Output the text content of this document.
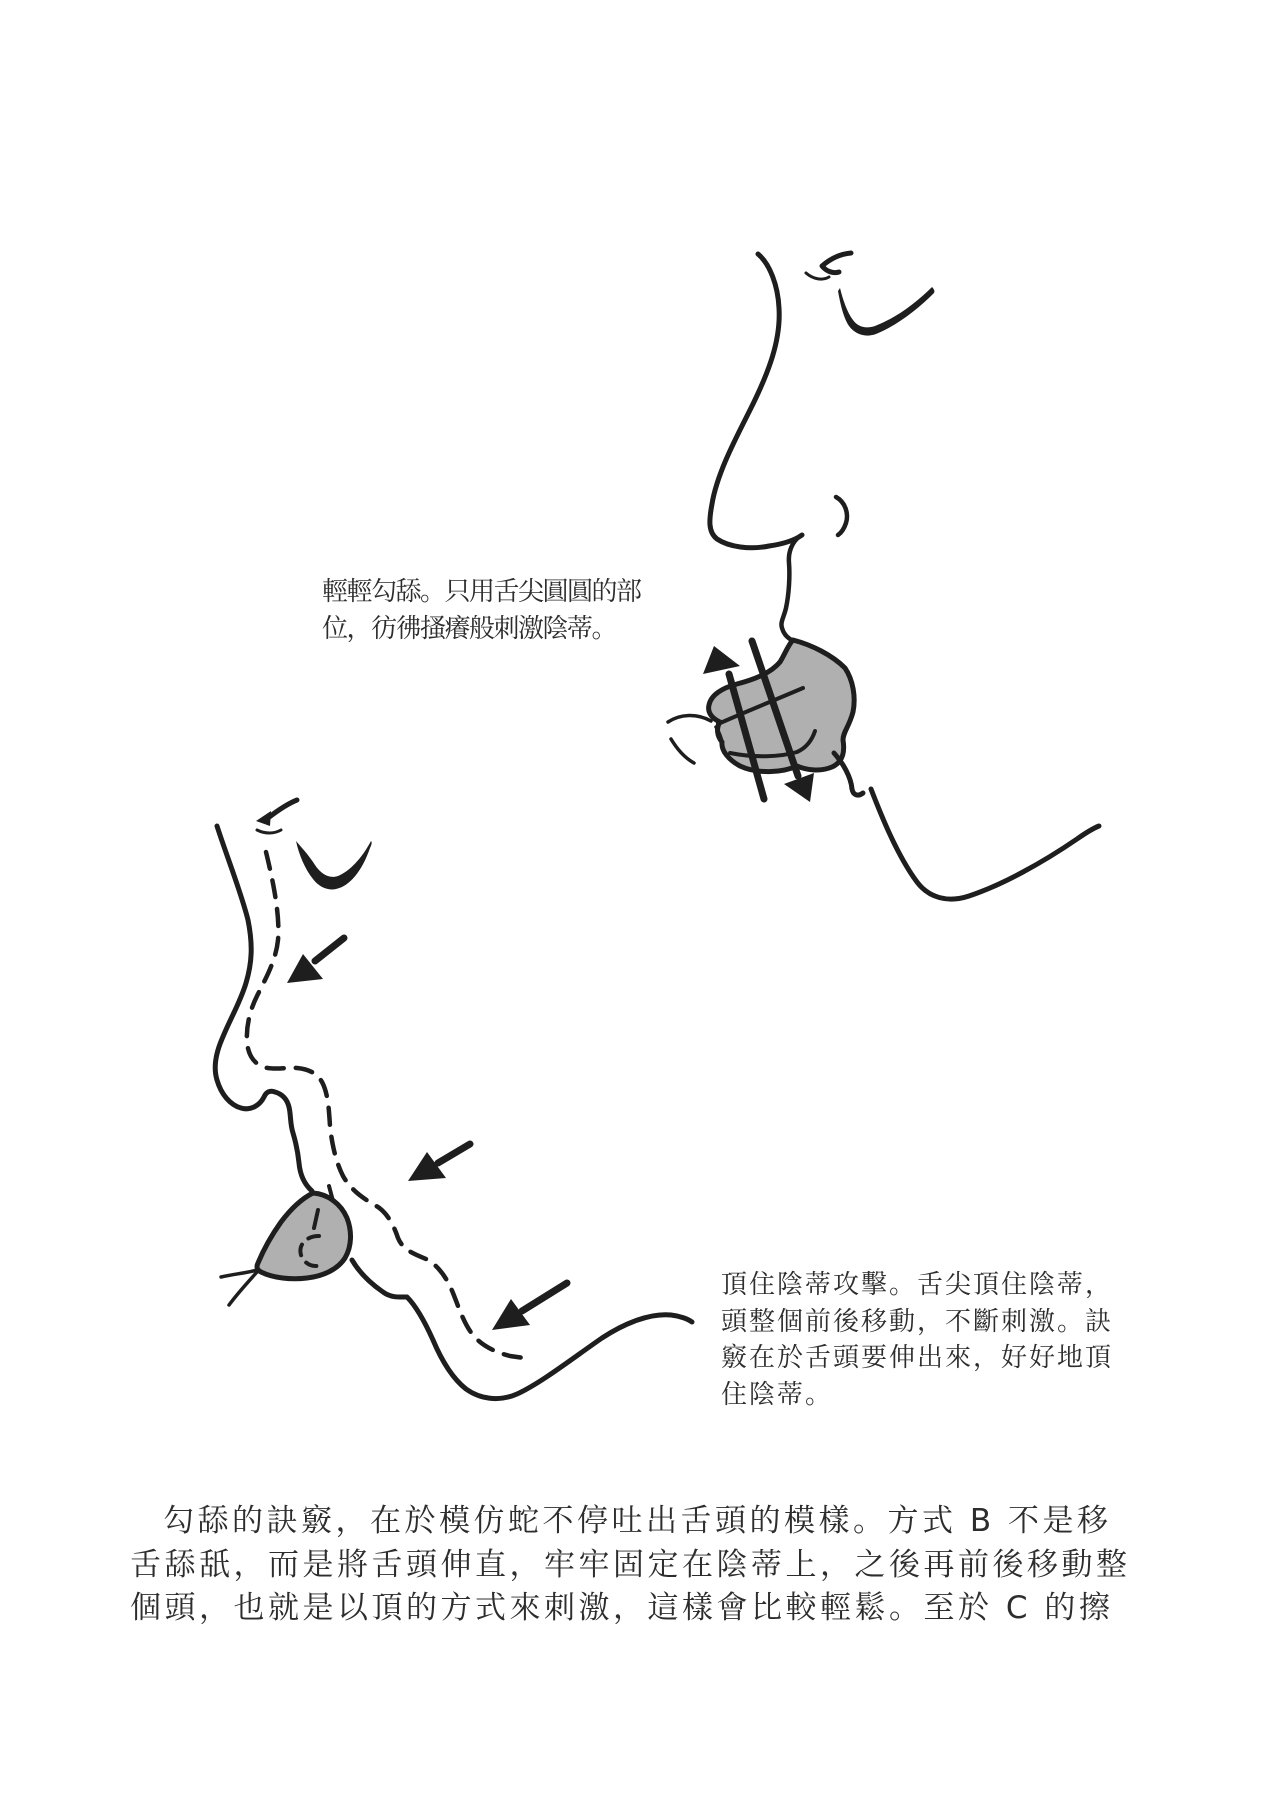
輕輕勾舔。只用舌尖圓圓的部
位，彷彿搔癢般刺激陰蒂。
頂住陰蒂攻擊。舌尖頂住陰蒂，
頭整個前後移動，不斷刺激。訣
竅在於舌頭要伸出來，好好地頂
住陰蒂。
勾舔的訣竅，在於模仿蛇不停吐出舌頭的模樣。方式 B 不是移
舌舔舐，而是將舌頭伸直，牢牢固定在陰蒂上，之後再前後移動整
個頭，也就是以頂的方式來刺激，這樣會比較輕鬆。至於 C 的擦
